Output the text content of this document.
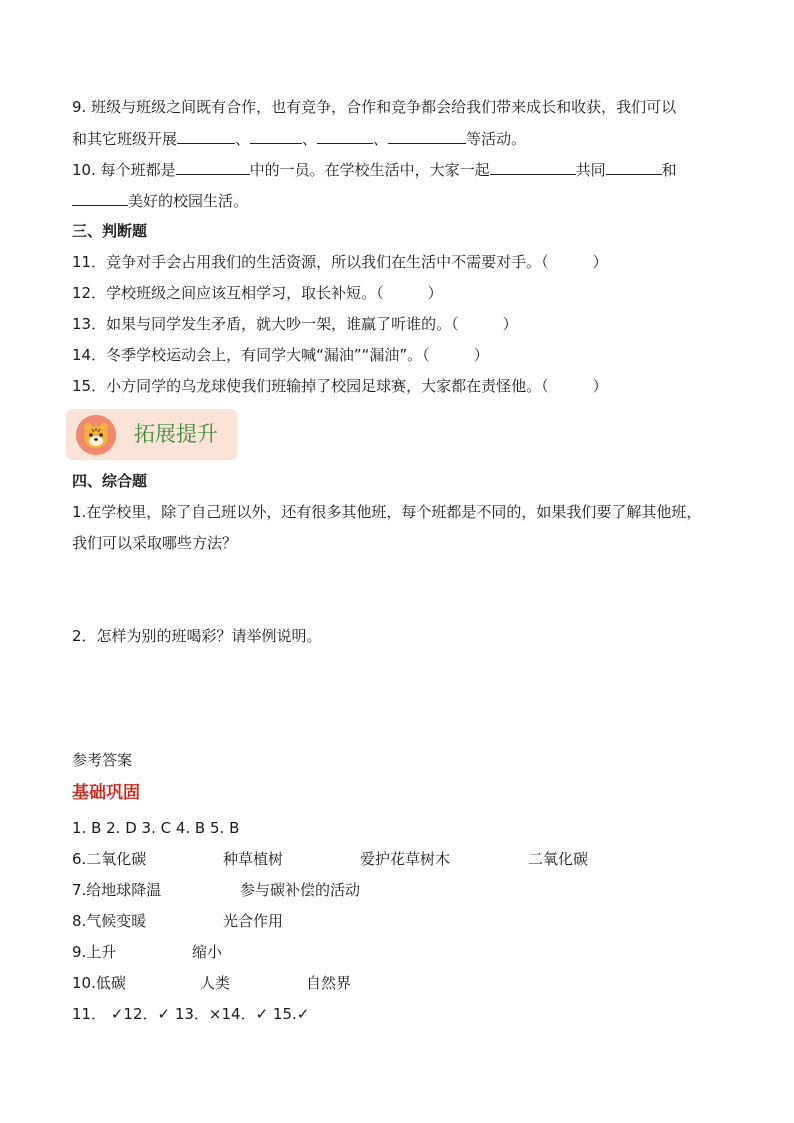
9. 班级与班级之间既有合作，也有竞争，合作和竞争都会给我们带来成长和收获，我们可以
和其它班级开展	、	、	、	等活动。
10. 每个班都是	中的一员。在学校生活中，大家一起	共同	和
美好的校园生活。
三、判断题
11．竞争对手会占用我们的生活资源，所以我们在生活中不需要对手。（	）
12．学校班级之间应该互相学习，取长补短。（	）
13．如果与同学发生矛盾，就大吵一架，谁赢了听谁的。（	）
14．冬季学校运动会上，有同学大喊“漏油”“漏油”。（	）
15．小方同学的乌龙球使我们班输掉了校园足球赛，大家都在责怪他。（	）
拓展提升
四、综合题
1.在学校里，除了自己班以外，还有很多其他班，每个班都是不同的，如果我们要了解其他班，
我们可以采取哪些方法？
2．怎样为别的班喝彩？请举例说明。
参考答案
基础巩固
1. B 2. D 3. C 4. B 5. B
6.二氧化碳	种草植树	爱护花草树木	二氧化碳
7.给地球降温	参与碳补偿的活动
8.气候变暖	光合作用
9.上升	缩小
10.低碳	人类	自然界
11． ✓12．✓ 13．×14．✓ 15.✓
